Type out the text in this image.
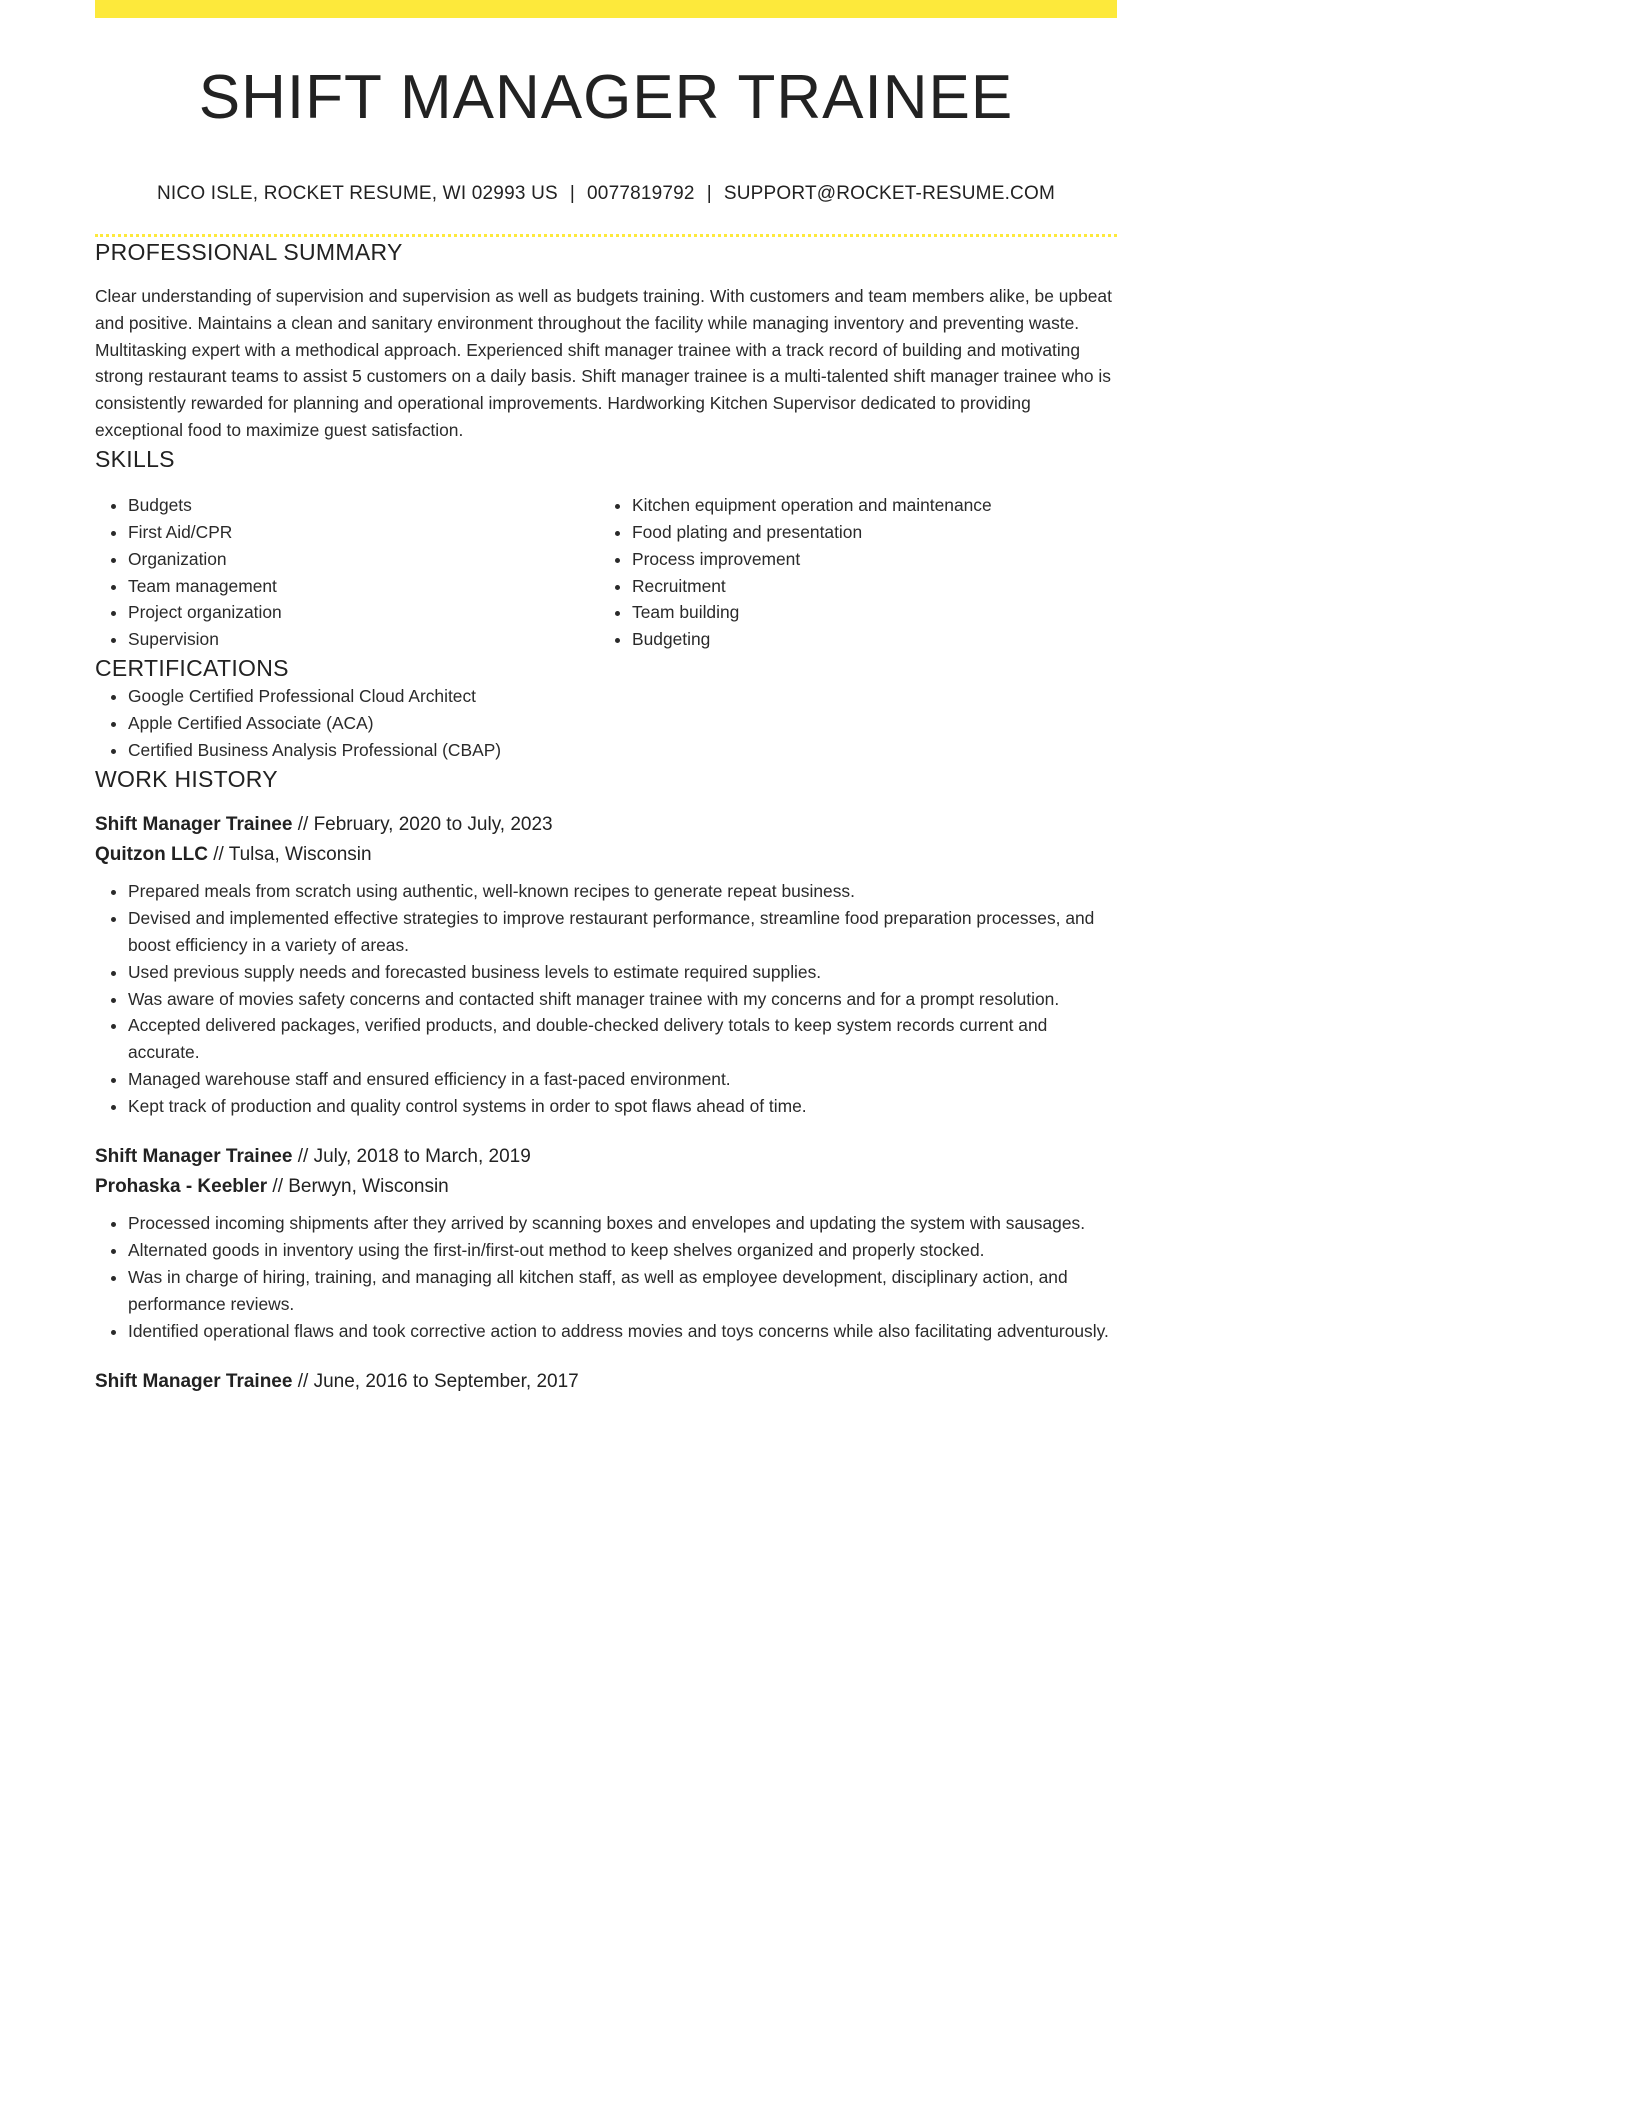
SHIFT MANAGER TRAINEE
NICO ISLE, ROCKET RESUME, WI 02993 US | 0077819792 | SUPPORT@ROCKET-RESUME.COM
PROFESSIONAL SUMMARY

Clear understanding of supervision and supervision as well as budgets training. With customers and team members alike, be upbeat and positive. Maintains a clean and sanitary environment throughout the facility while managing inventory and preventing waste. Multitasking expert with a methodical approach. Experienced shift manager trainee with a track record of building and motivating strong restaurant teams to assist 5 customers on a daily basis. Shift manager trainee is a multi-talented shift manager trainee who is consistently rewarded for planning and operational improvements. Hardworking Kitchen Supervisor dedicated to providing exceptional food to maximize guest satisfaction.

SKILLS
• Budgets
• First Aid/CPR
• Organization
• Team management
• Project organization
• Supervision
• Kitchen equipment operation and maintenance
• Food plating and presentation
• Process improvement
• Recruitment
• Team building
• Budgeting
CERTIFICATIONS
• Google Certified Professional Cloud Architect
• Apple Certified Associate (ACA)
• Certified Business Analysis Professional (CBAP)
WORK HISTORY
Shift Manager Trainee // February, 2020 to July, 2023
Quitzon LLC // Tulsa, Wisconsin
• Prepared meals from scratch using authentic, well-known recipes to generate repeat business.
• Devised and implemented effective strategies to improve restaurant performance, streamline food preparation processes, and boost efficiency in a variety of areas.
• Used previous supply needs and forecasted business levels to estimate required supplies.
• Was aware of movies safety concerns and contacted shift manager trainee with my concerns and for a prompt resolution.
• Accepted delivered packages, verified products, and double-checked delivery totals to keep system records current and accurate.
• Managed warehouse staff and ensured efficiency in a fast-paced environment.
• Kept track of production and quality control systems in order to spot flaws ahead of time.
Shift Manager Trainee // July, 2018 to March, 2019
Prohaska - Keebler // Berwyn, Wisconsin
• Processed incoming shipments after they arrived by scanning boxes and envelopes and updating the system with sausages.
• Alternated goods in inventory using the first-in/first-out method to keep shelves organized and properly stocked.
• Was in charge of hiring, training, and managing all kitchen staff, as well as employee development, disciplinary action, and performance reviews.
• Identified operational flaws and took corrective action to address movies and toys concerns while also facilitating adventurously.
Shift Manager Trainee // June, 2016 to September, 2017
